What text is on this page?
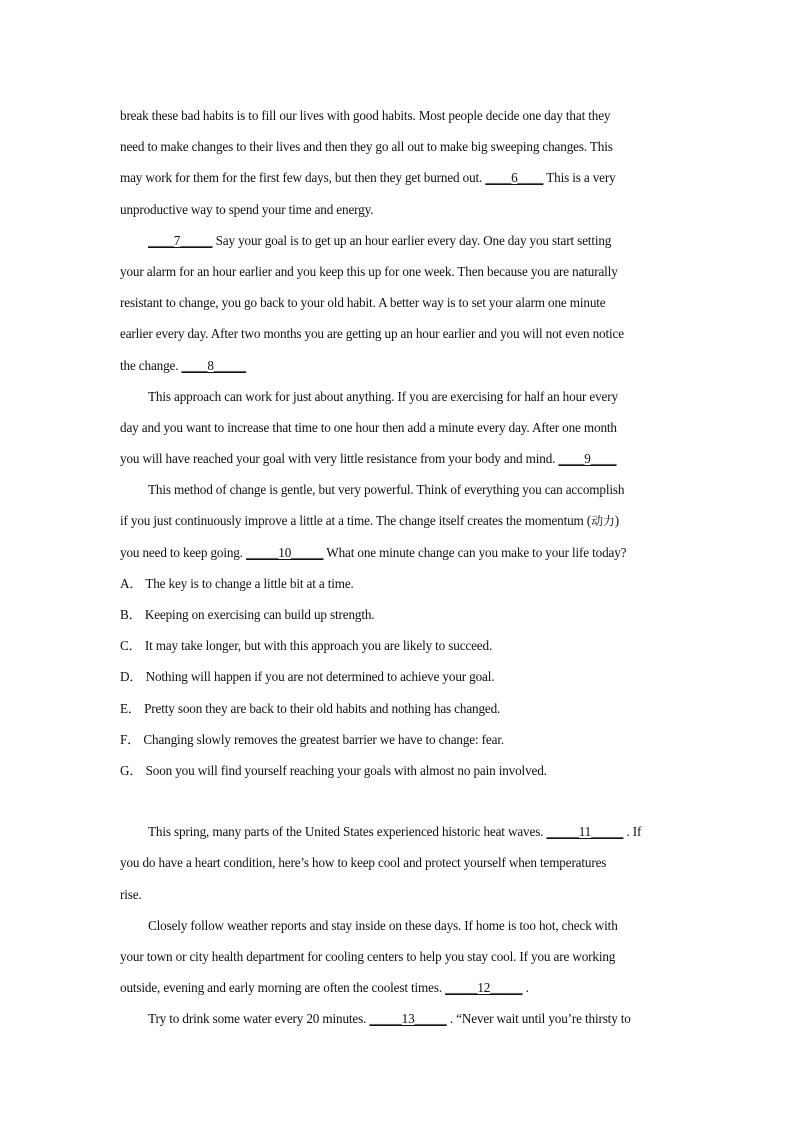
break these bad habits is to fill our lives with good habits. Most people decide one day that they
need to make changes to their lives and then they go all out to make big sweeping changes. This
may work for them for the first few days, but then they get burned out. ____6____ This is a very
unproductive way to spend your time and energy.
____7_____ Say your goal is to get up an hour earlier every day. One day you start setting
your alarm for an hour earlier and you keep this up for one week. Then because you are naturally
resistant to change, you go back to your old habit. A better way is to set your alarm one minute
earlier every day. After two months you are getting up an hour earlier and you will not even notice
the change. ____8_____
This approach can work for just about anything. If you are exercising for half an hour every
day and you want to increase that time to one hour then add a minute every day. After one month
you will have reached your goal with very little resistance from your body and mind. ____9____
This method of change is gentle, but very powerful. Think of everything you can accomplish
if you just continuously improve a little at a time. The change itself creates the momentum (动力)
you need to keep going. _____10_____ What one minute change can you make to your life today?
A． The key is to change a little bit at a time.
B． Keeping on exercising can build up strength.
C． It may take longer, but with this approach you are likely to succeed.
D． Nothing will happen if you are not determined to achieve your goal.
E． Pretty soon they are back to their old habits and nothing has changed.
F． Changing slowly removes the greatest barrier we have to change: fear.
G． Soon you will find yourself reaching your goals with almost no pain involved.
This spring, many parts of the United States experienced historic heat waves. _____11_____ . If
you do have a heart condition, here’s how to keep cool and protect yourself when temperatures
rise.
Closely follow weather reports and stay inside on these days. If home is too hot, check with
your town or city health department for cooling centers to help you stay cool. If you are working
outside, evening and early morning are often the coolest times. _____12_____ .
Try to drink some water every 20 minutes. _____13_____ . “Never wait until you’re thirsty to
